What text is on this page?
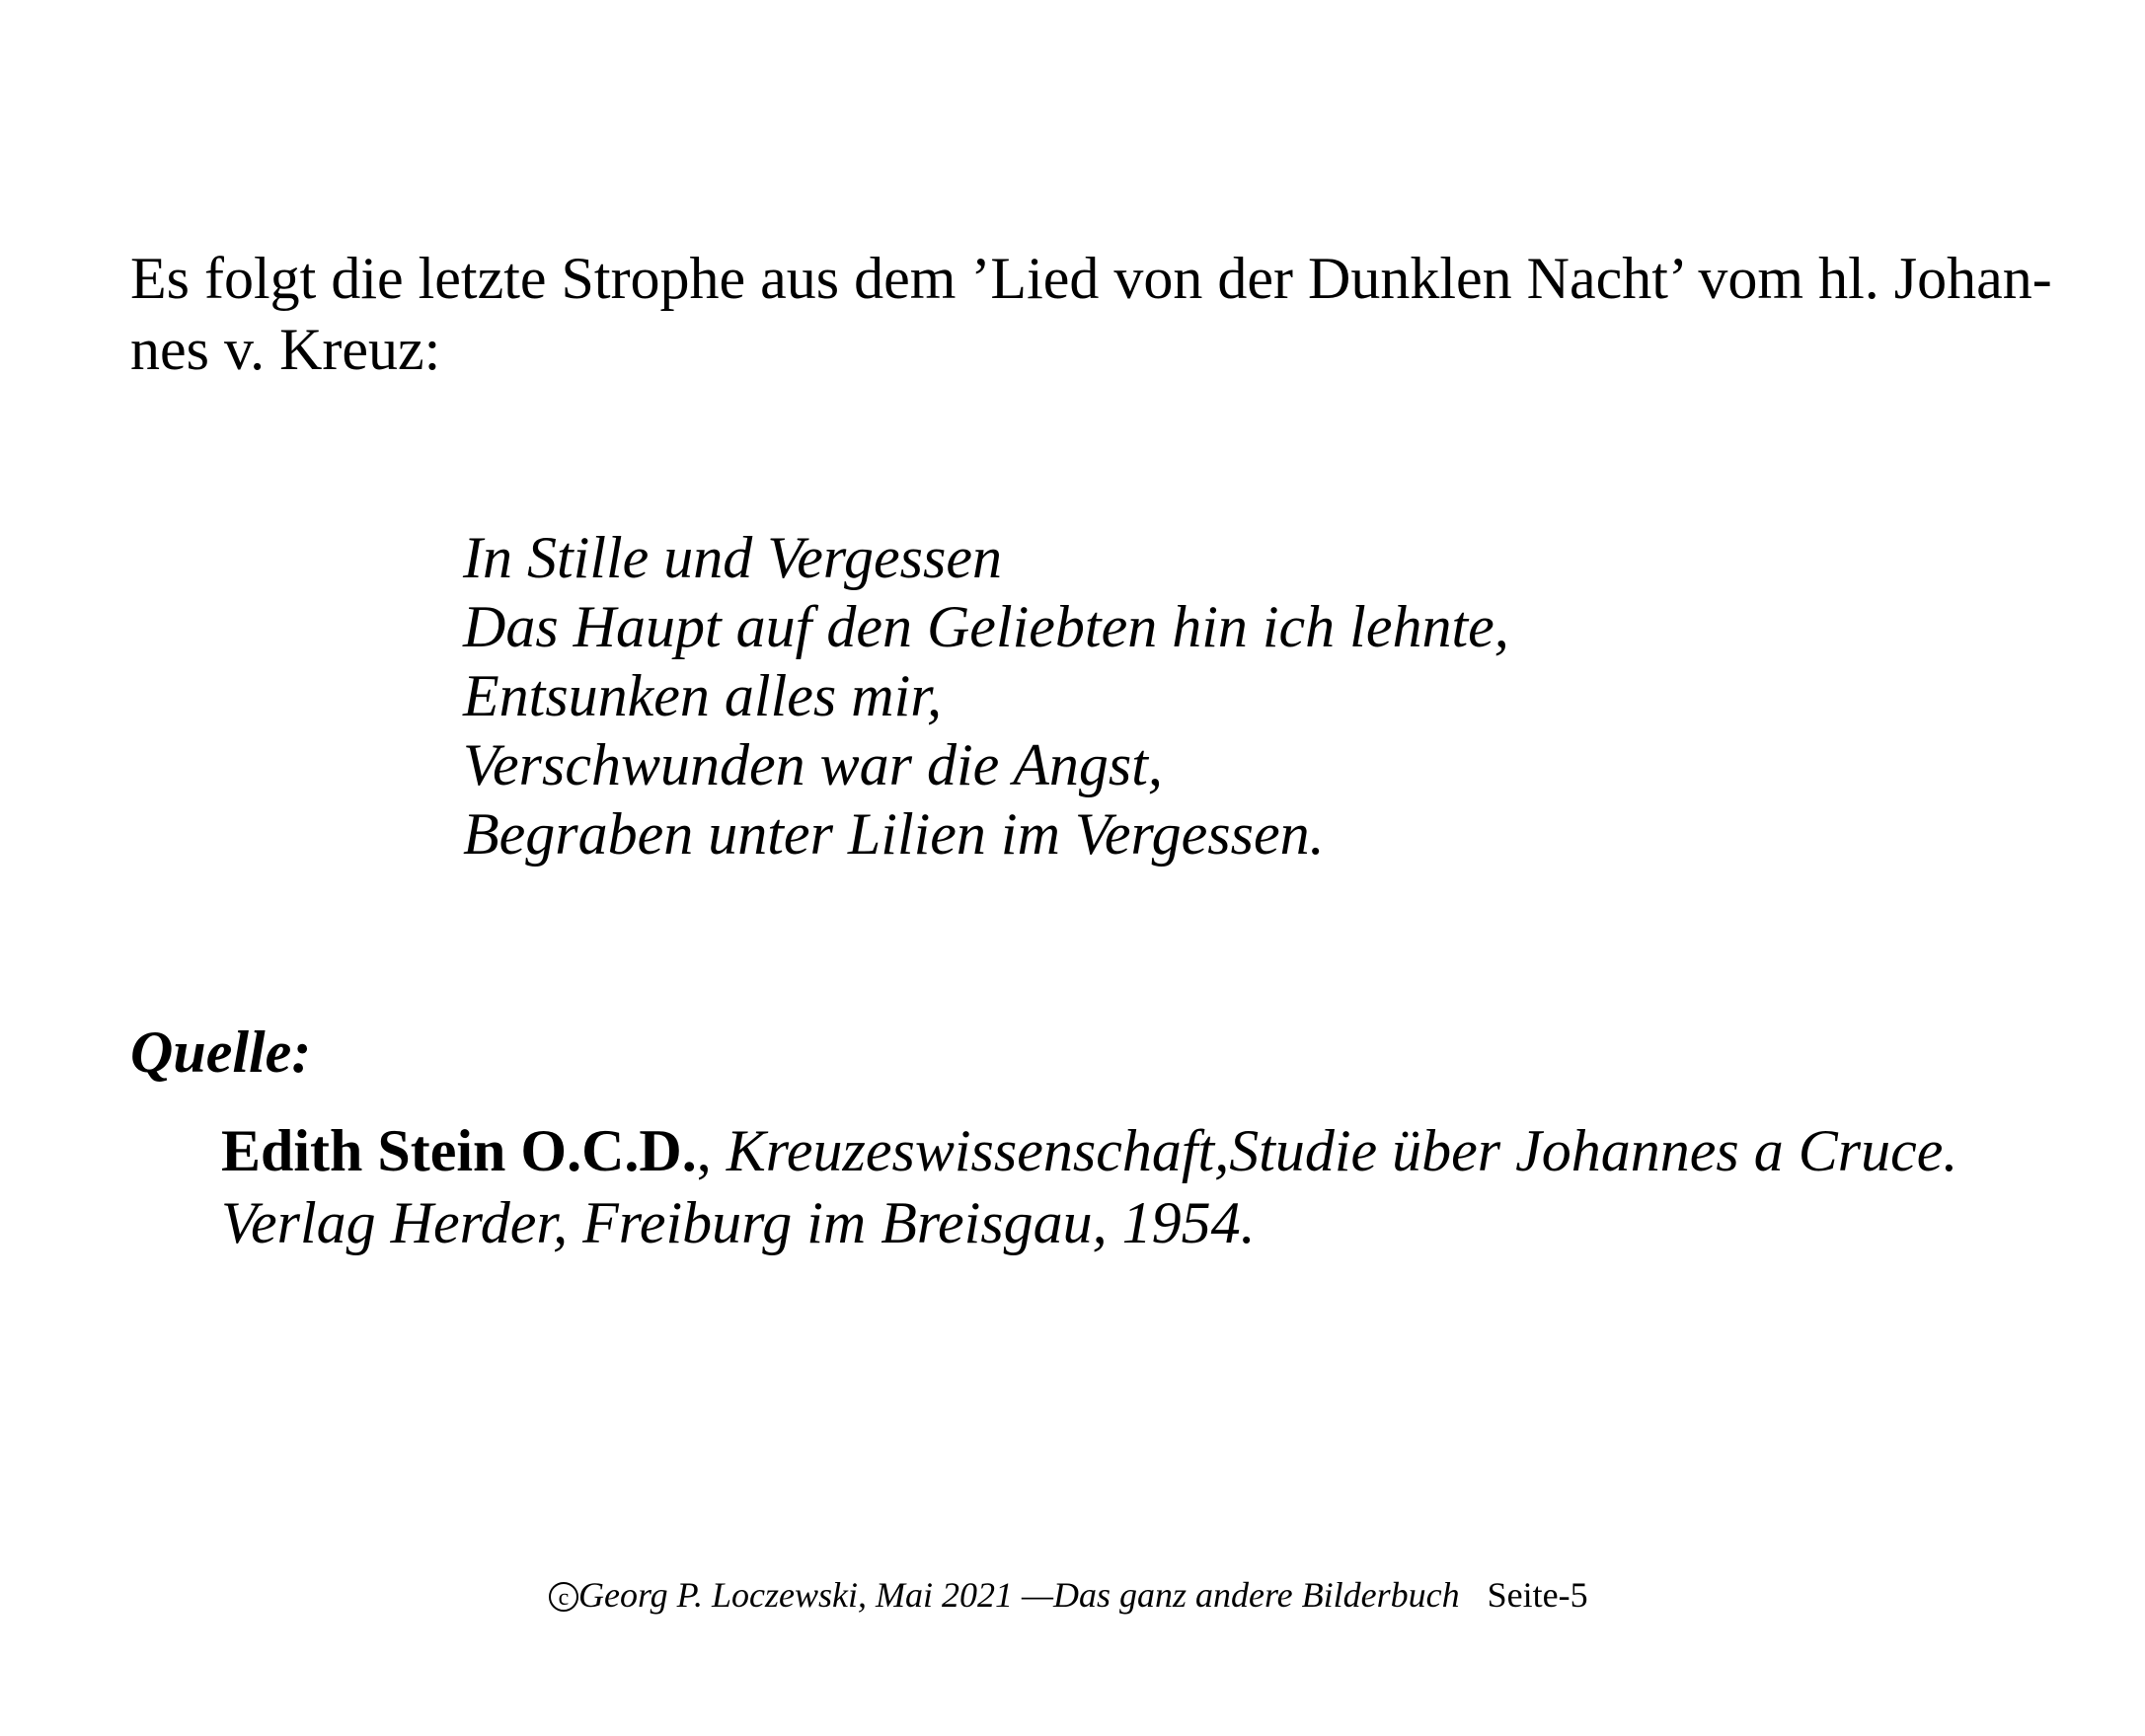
Es folgt die letzte Strophe aus dem ’Lied von der Dunklen Nacht’ vom hl. Johan-
nes v. Kreuz:

In Stille und Vergessen
Das Haupt auf den Geliebten hin ich lehnte,
Entsunken alles mir,
Verschwunden war die Angst,
Begraben unter Lilien im Vergessen.
Quelle:
Edith Stein O.C.D., Kreuzeswissenschaft,Studie über Johannes a Cruce.
Verlag Herder, Freiburg im Breisgau, 1954.
c Georg P. Loczewski, Mai 2021 —Das ganz andere Bilderbuch Seite-5
